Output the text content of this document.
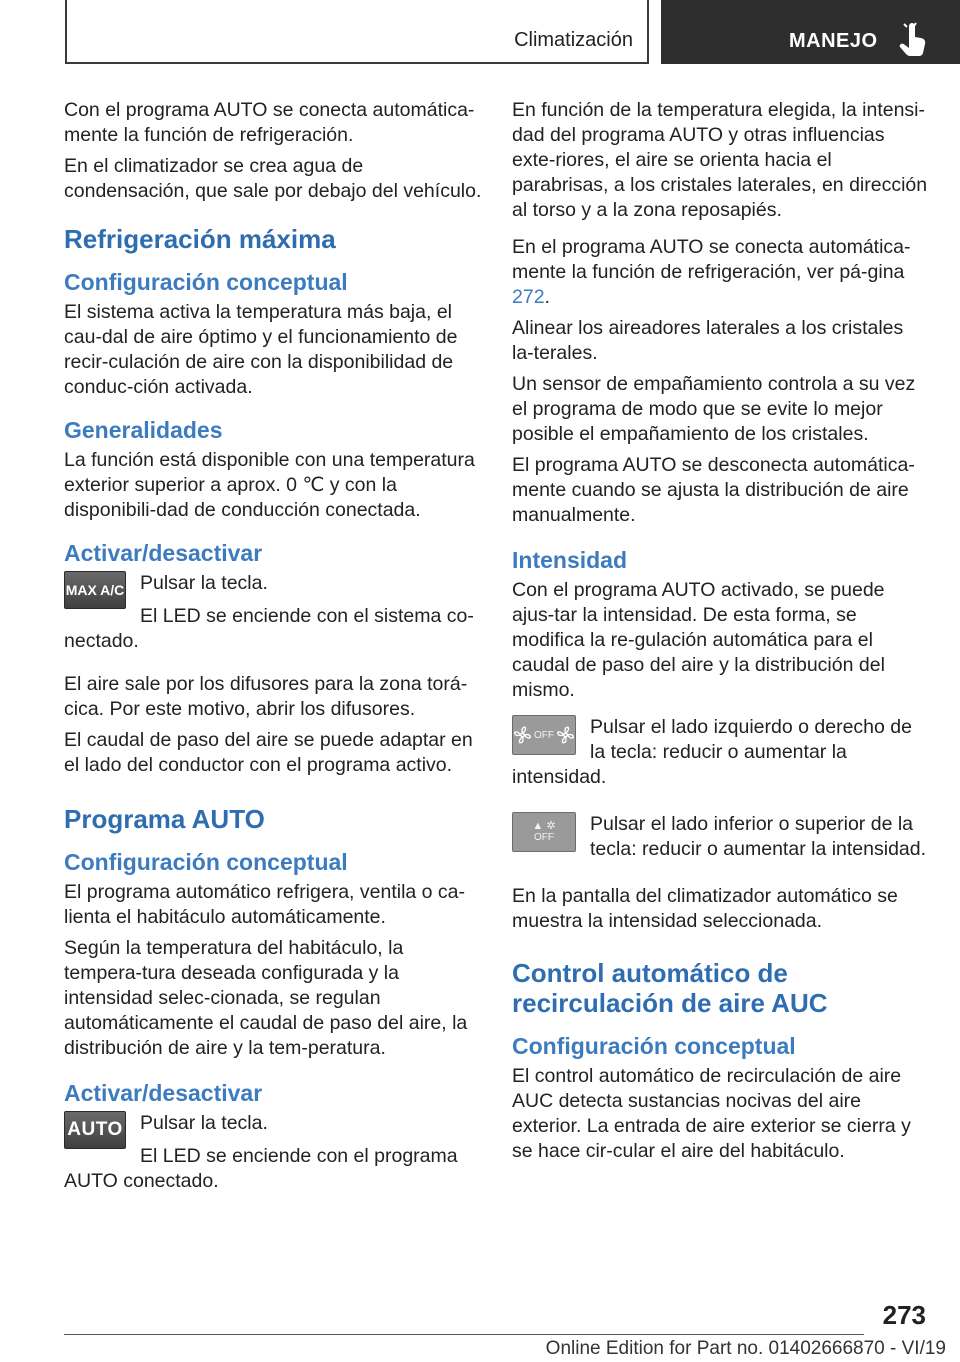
Climatización	MANEJO

Con el programa AUTO se conecta automática-mente la función de refrigeración.

En el climatizador se crea agua de condensación, que sale por debajo del vehículo.

Refrigeración máxima
Configuración conceptual

El sistema activa la temperatura más baja, el cau-dal de aire óptimo y el funcionamiento de recir-culación de aire con la disponibilidad de conduc-ción activada.

Generalidades

La función está disponible con una temperatura exterior superior a aprox. 0 ℃ y con la disponibili-dad de conducción conectada.

Activar/desactivar
MAX A/C Pulsar la tecla.

El LED se enciende con el sistema co-nectado.

El aire sale por los difusores para la zona torá-cica. Por este motivo, abrir los difusores.

El caudal de paso del aire se puede adaptar en el lado del conductor con el programa activo.

Programa AUTO
Configuración conceptual

El programa automático refrigera, ventila o ca-lienta el habitáculo automáticamente.

Según la temperatura del habitáculo, la tempera-tura deseada configurada y la intensidad selec-cionada, se regulan automáticamente el caudal de paso del aire, la distribución de aire y la tem-peratura.

Activar/desactivar
AUTO Pulsar la tecla.

El LED se enciende con el programa AUTO conectado.

En función de la temperatura elegida, la intensi-dad del programa AUTO y otras influencias exte-riores, el aire se orienta hacia el parabrisas, a los cristales laterales, en dirección al torso y a la zona reposapiés.

En el programa AUTO se conecta automática-mente la función de refrigeración, ver pá-gina 272.

Alinear los aireadores laterales a los cristales la-terales.

Un sensor de empañamiento controla a su vez el programa de modo que se evite lo mejor posible el empañamiento de los cristales.

El programa AUTO se desconecta automática-mente cuando se ajusta la distribución de aire manualmente.

Intensidad

Con el programa AUTO activado, se puede ajus-tar la intensidad. De esta forma, se modifica la re-gulación automática para el caudal de paso del aire y la distribución del mismo.

OFF	Pulsar el lado izquierdo o derecho de la tecla: reducir o aumentar la intensidad.

▲ ✲
OFF

Pulsar el lado inferior o superior de la tecla: reducir o aumentar la intensidad.

En la pantalla del climatizador automático se muestra la intensidad seleccionada.

Control automático de recirculación de aire AUC
Configuración conceptual

El control automático de recirculación de aire AUC detecta sustancias nocivas del aire exterior. La entrada de aire exterior se cierra y se hace cir-cular el aire del habitáculo.

273
Online Edition for Part no. 01402666870 - VI/19
